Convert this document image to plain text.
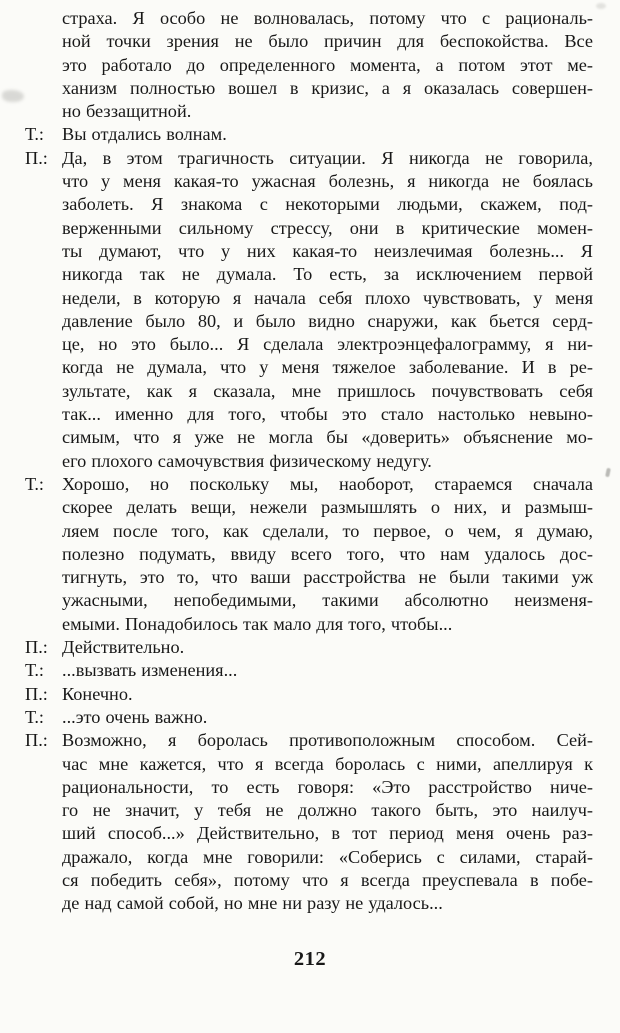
страха. Я особо не волновалась, потому что с рациональ-
ной точки зрения не было причин для беспокойства. Все
это работало до определенного момента, а потом этот ме-
ханизм полностью вошел в кризис, а я оказалась совершен-
но беззащитной.
Т.: Вы отдались волнам.
П.: Да, в этом трагичность ситуации. Я никогда не говорила,
что у меня какая-то ужасная болезнь, я никогда не боялась
заболеть. Я знакома с некоторыми людьми, скажем, под-
верженными сильному стрессу, они в критические момен-
ты думают, что у них какая-то неизлечимая болезнь... Я
никогда так не думала. То есть, за исключением первой
недели, в которую я начала себя плохо чувствовать, у меня
давление было 80, и было видно снаружи, как бьется серд-
це, но это было... Я сделала электроэнцефалограмму, я ни-
когда не думала, что у меня тяжелое заболевание. И в ре-
зультате, как я сказала, мне пришлось почувствовать себя
так... именно для того, чтобы это стало настолько невыно-
симым, что я уже не могла бы «доверить» объяснение мо-
его плохого самочувствия физическому недугу.
Т.: Хорошо, но поскольку мы, наоборот, стараемся сначала
скорее делать вещи, нежели размышлять о них, и размыш-
ляем после того, как сделали, то первое, о чем, я думаю,
полезно подумать, ввиду всего того, что нам удалось дос-
тигнуть, это то, что ваши расстройства не были такими уж
ужасными, непобедимыми, такими абсолютно неизменя-
емыми. Понадобилось так мало для того, чтобы...
П.: Действительно.
Т.: ...вызвать изменения...
П.: Конечно.
Т.: ...это очень важно.
П.: Возможно, я боролась противоположным способом. Сей-
час мне кажется, что я всегда боролась с ними, апеллируя к
рациональности, то есть говоря: «Это расстройство ниче-
го не значит, у тебя не должно такого быть, это наилуч-
ший способ...» Действительно, в тот период меня очень раз-
дражало, когда мне говорили: «Соберись с силами, старай-
ся победить себя», потому что я всегда преуспевала в побе-
де над самой собой, но мне ни разу не удалось...
212
